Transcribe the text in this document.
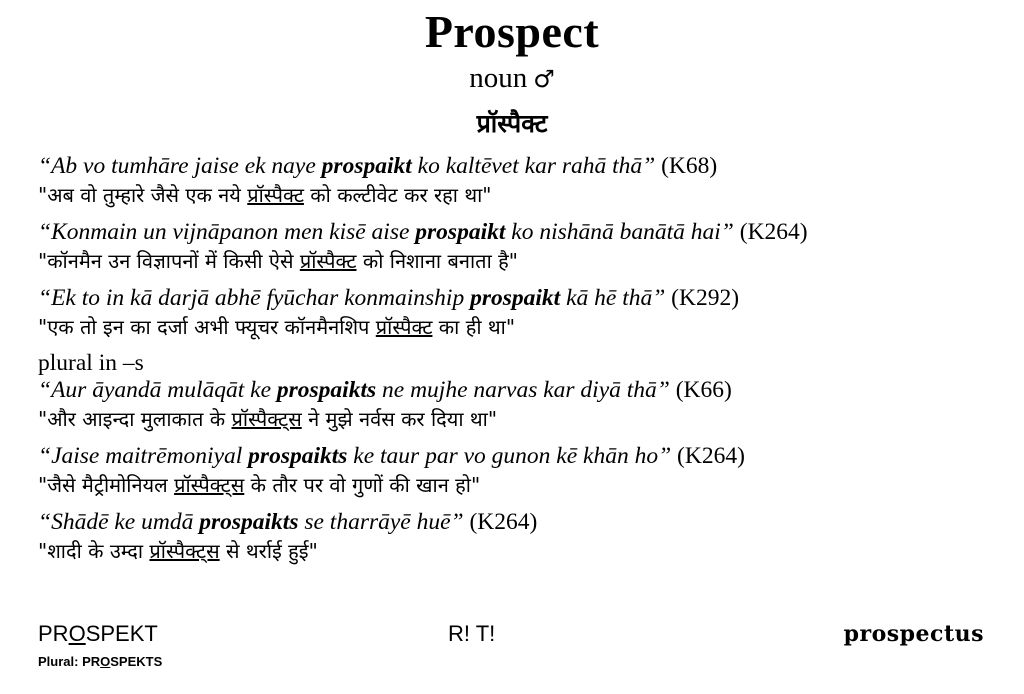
Prospect
noun ♂
प्रॉस्पैक्ट
“Ab vo tumhāre jaise ek naye prospaikt ko kaltēvet kar rahā thā” (K68)
"अब वो तुम्हारे जैसे एक नये प्रॉस्पैक्ट को कल्टीवेट कर रहा था"
“Konmain un vijnāpanon men kisē aise prospaikt ko nishānā banātā hai” (K264)
"कॉनमैन उन विज्ञापनों में किसी ऐसे प्रॉस्पैक्ट को निशाना बनाता है"
“Ek to in kā darjā abhē fyūchar konmainship prospaikt kā hē thā” (K292)
"एक तो इन का दर्जा अभी फ्यूचर कॉनमैनशिप प्रॉस्पैक्ट का ही था"
plural in –s
“Aur āyandā mulāqāt ke prospaikts ne mujhe narvas kar diyā thā” (K66)
"और आइन्दा मुलाकात के प्रॉस्पैक्ट्स ने मुझे नर्वस कर दिया था"
“Jaise maitrēmoniyal prospaikts ke taur par vo gunon kē khān ho” (K264)
"जैसे मैट्रीमोनियल प्रॉस्पैक्ट्स के तौर पर वो गुणों की खान हो"
“Shādē ke umdā prospaikts se tharrāyē huē” (K264)
"शादी के उम्दा प्रॉस्पैक्ट्स से थर्राई हुई"
PROSPEKT
Plural: PROSPEKTS
R! T!	prospectus
